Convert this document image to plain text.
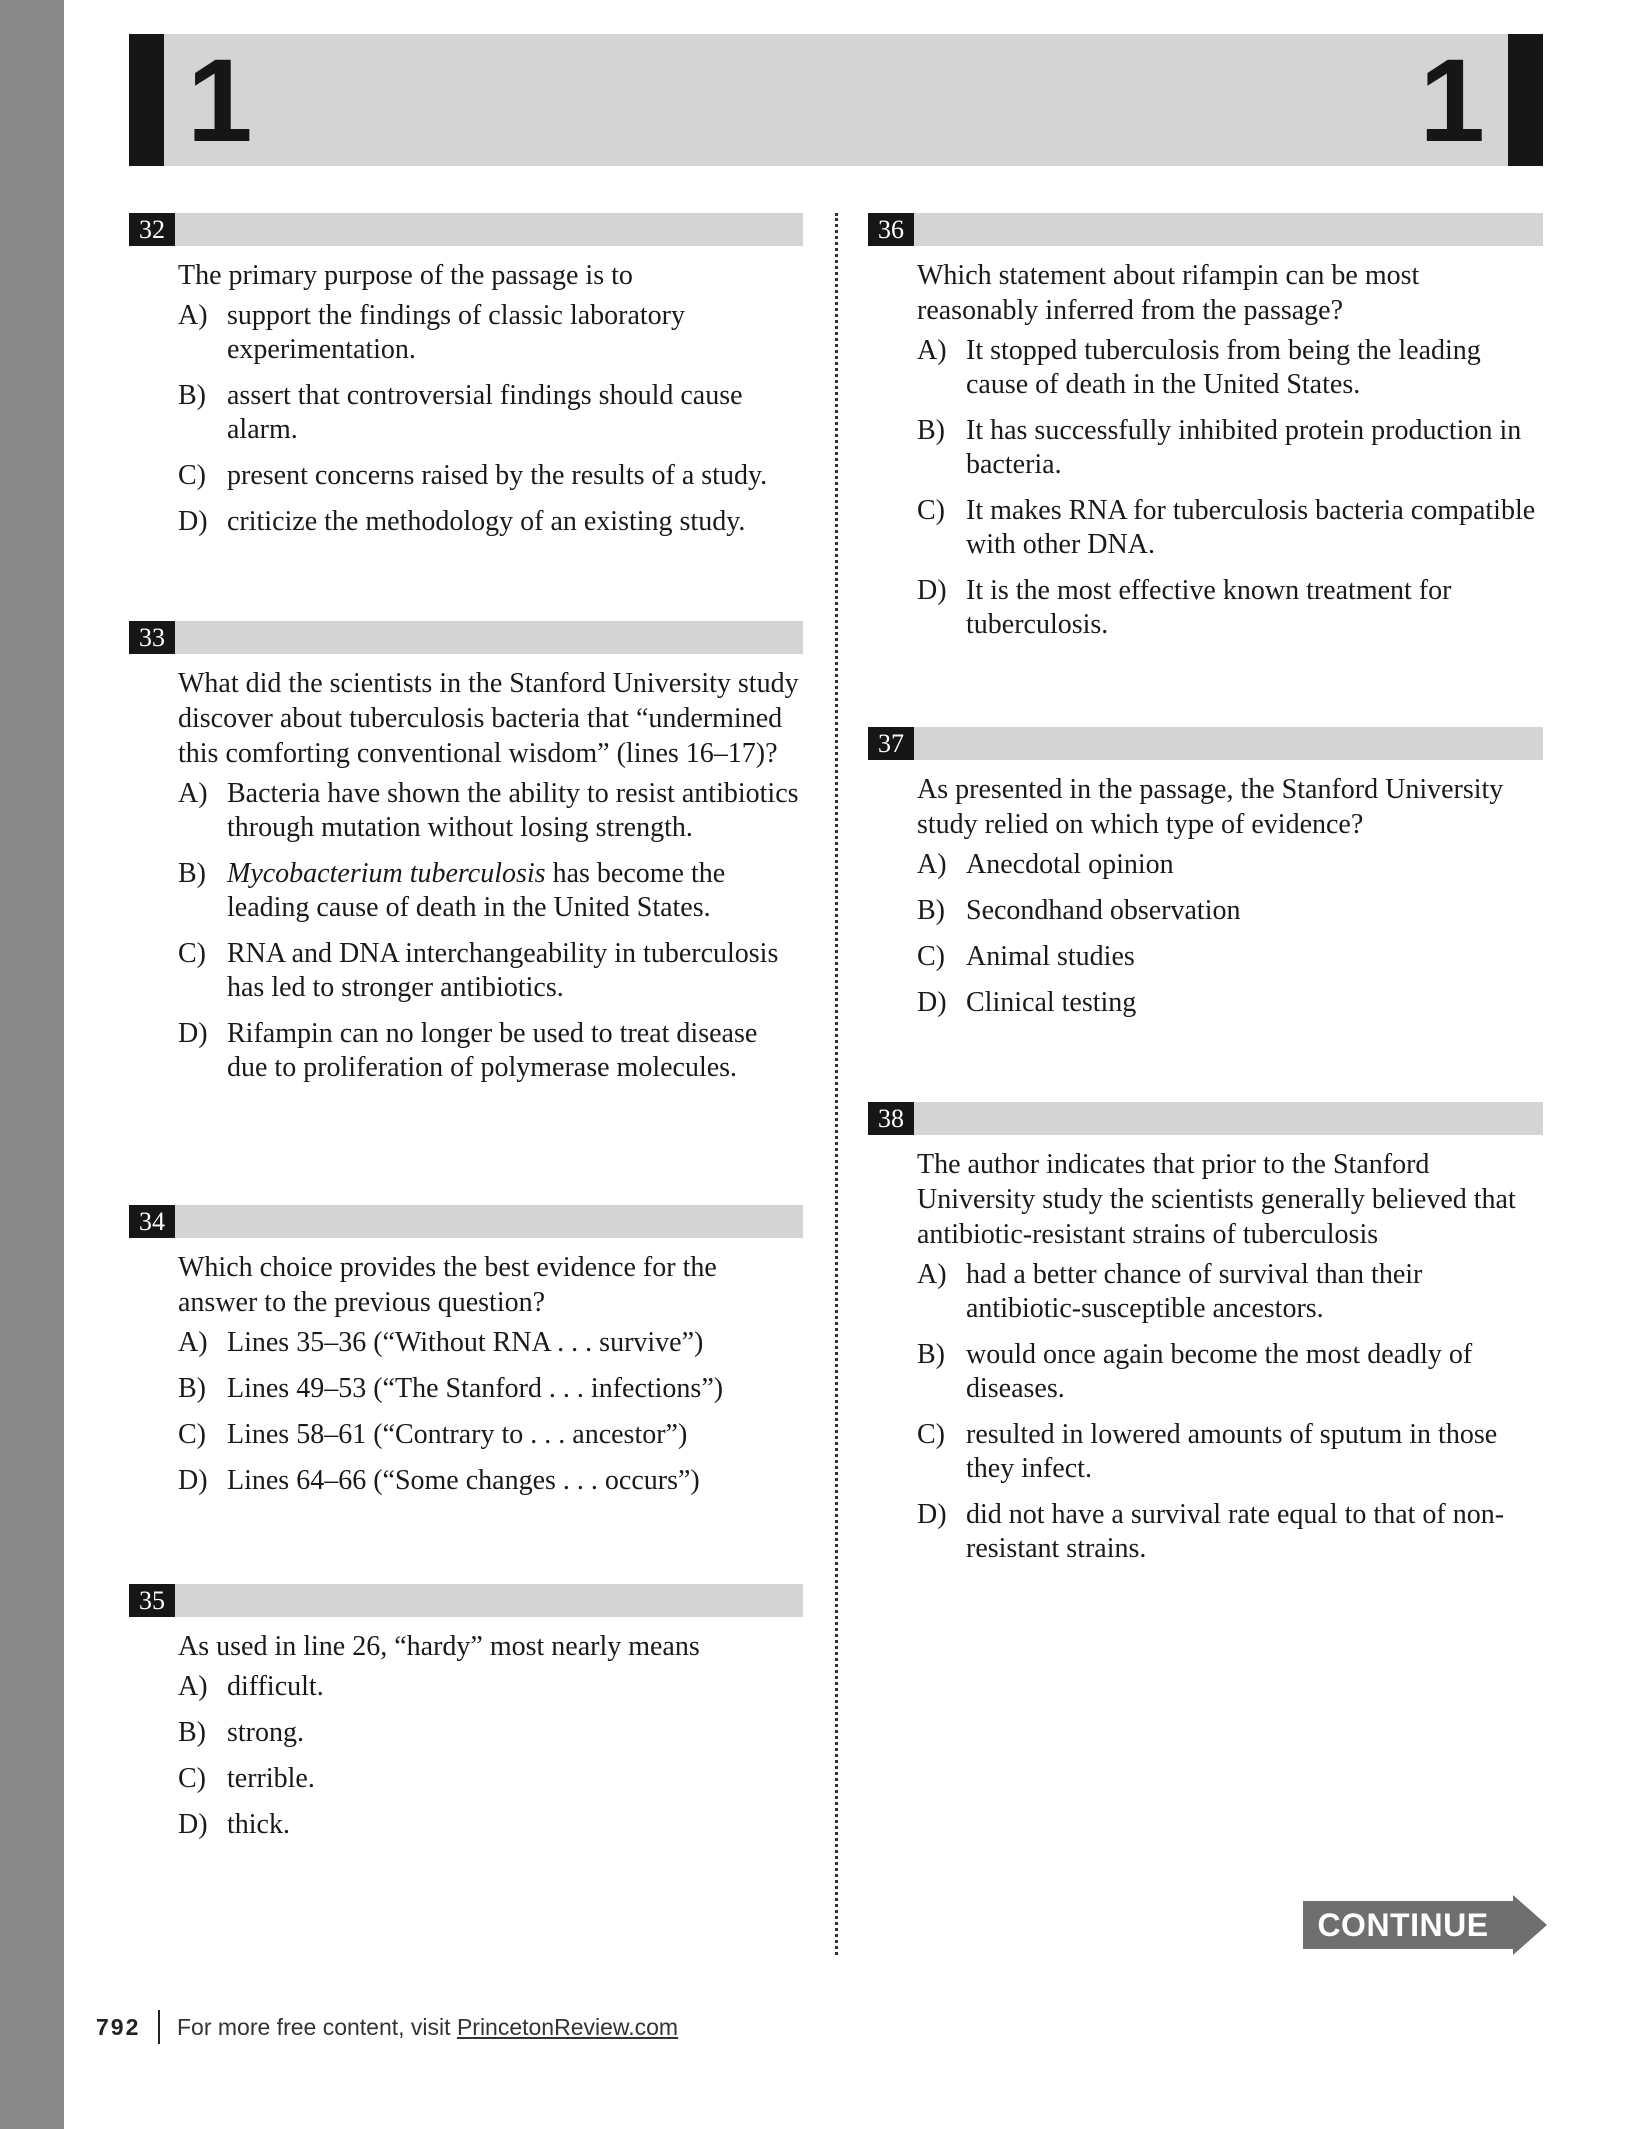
1	1
32
The primary purpose of the passage is to
A) support the findings of classic laboratory experimentation.
B) assert that controversial findings should cause alarm.
C) present concerns raised by the results of a study.
D) criticize the methodology of an existing study.
33
What did the scientists in the Stanford University study discover about tuberculosis bacteria that “undermined this comforting conventional wisdom” (lines 16–17)?
A) Bacteria have shown the ability to resist antibiotics through mutation without losing strength.
B) Mycobacterium tuberculosis has become the leading cause of death in the United States.
C) RNA and DNA interchangeability in tuberculosis has led to stronger antibiotics.
D) Rifampin can no longer be used to treat disease due to proliferation of polymerase molecules.
34
Which choice provides the best evidence for the answer to the previous question?
A) Lines 35–36 (“Without RNA . . . survive”)
B) Lines 49–53 (“The Stanford . . . infections”)
C) Lines 58–61 (“Contrary to . . . ancestor”)
D) Lines 64–66 (“Some changes . . . occurs”)
35
As used in line 26, “hardy” most nearly means
A) difficult.
B) strong.
C) terrible.
D) thick.
36
Which statement about rifampin can be most reasonably inferred from the passage?
A) It stopped tuberculosis from being the leading cause of death in the United States.
B) It has successfully inhibited protein production in bacteria.
C) It makes RNA for tuberculosis bacteria compatible with other DNA.
D) It is the most effective known treatment for tuberculosis.
37
As presented in the passage, the Stanford University study relied on which type of evidence?
A) Anecdotal opinion
B) Secondhand observation
C) Animal studies
D) Clinical testing
38
The author indicates that prior to the Stanford University study the scientists generally believed that antibiotic-resistant strains of tuberculosis
A) had a better chance of survival than their antibiotic-susceptible ancestors.
B) would once again become the most deadly of diseases.
C) resulted in lowered amounts of sputum in those they infect.
D) did not have a survival rate equal to that of non-resistant strains.
CONTINUE
792 For more free content, visit PrincetonReview.com
